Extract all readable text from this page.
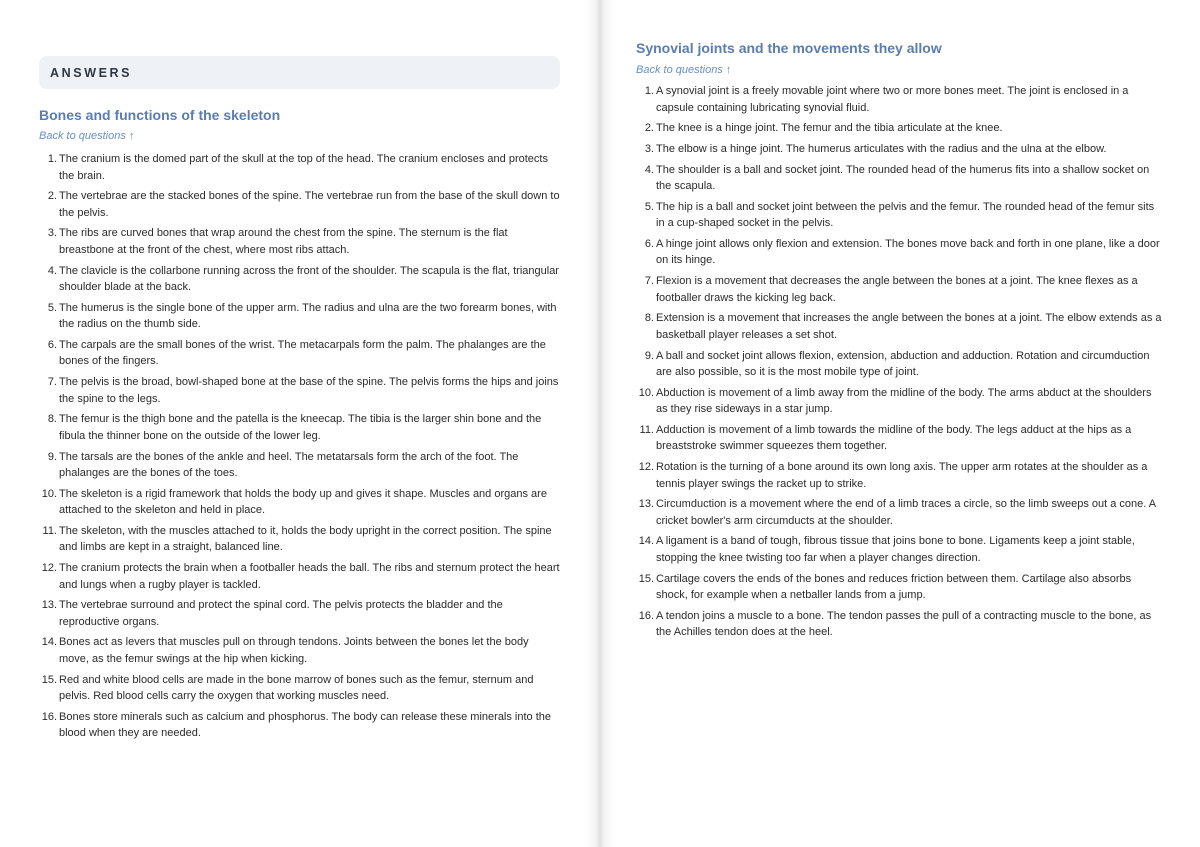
ANSWERS
Bones and functions of the skeleton
Back to questions ↑
1. The cranium is the domed part of the skull at the top of the head. The cranium encloses and protects the brain.
2. The vertebrae are the stacked bones of the spine. The vertebrae run from the base of the skull down to the pelvis.
3. The ribs are curved bones that wrap around the chest from the spine. The sternum is the flat breastbone at the front of the chest, where most ribs attach.
4. The clavicle is the collarbone running across the front of the shoulder. The scapula is the flat, triangular shoulder blade at the back.
5. The humerus is the single bone of the upper arm. The radius and ulna are the two forearm bones, with the radius on the thumb side.
6. The carpals are the small bones of the wrist. The metacarpals form the palm. The phalanges are the bones of the fingers.
7. The pelvis is the broad, bowl-shaped bone at the base of the spine. The pelvis forms the hips and joins the spine to the legs.
8. The femur is the thigh bone and the patella is the kneecap. The tibia is the larger shin bone and the fibula the thinner bone on the outside of the lower leg.
9. The tarsals are the bones of the ankle and heel. The metatarsals form the arch of the foot. The phalanges are the bones of the toes.
10. The skeleton is a rigid framework that holds the body up and gives it shape. Muscles and organs are attached to the skeleton and held in place.
11. The skeleton, with the muscles attached to it, holds the body upright in the correct position. The spine and limbs are kept in a straight, balanced line.
12. The cranium protects the brain when a footballer heads the ball. The ribs and sternum protect the heart and lungs when a rugby player is tackled.
13. The vertebrae surround and protect the spinal cord. The pelvis protects the bladder and the reproductive organs.
14. Bones act as levers that muscles pull on through tendons. Joints between the bones let the body move, as the femur swings at the hip when kicking.
15. Red and white blood cells are made in the bone marrow of bones such as the femur, sternum and pelvis. Red blood cells carry the oxygen that working muscles need.
16. Bones store minerals such as calcium and phosphorus. The body can release these minerals into the blood when they are needed.
Synovial joints and the movements they allow
Back to questions ↑
1. A synovial joint is a freely movable joint where two or more bones meet. The joint is enclosed in a capsule containing lubricating synovial fluid.
2. The knee is a hinge joint. The femur and the tibia articulate at the knee.
3. The elbow is a hinge joint. The humerus articulates with the radius and the ulna at the elbow.
4. The shoulder is a ball and socket joint. The rounded head of the humerus fits into a shallow socket on the scapula.
5. The hip is a ball and socket joint between the pelvis and the femur. The rounded head of the femur sits in a cup-shaped socket in the pelvis.
6. A hinge joint allows only flexion and extension. The bones move back and forth in one plane, like a door on its hinge.
7. Flexion is a movement that decreases the angle between the bones at a joint. The knee flexes as a footballer draws the kicking leg back.
8. Extension is a movement that increases the angle between the bones at a joint. The elbow extends as a basketball player releases a set shot.
9. A ball and socket joint allows flexion, extension, abduction and adduction. Rotation and circumduction are also possible, so it is the most mobile type of joint.
10. Abduction is movement of a limb away from the midline of the body. The arms abduct at the shoulders as they rise sideways in a star jump.
11. Adduction is movement of a limb towards the midline of the body. The legs adduct at the hips as a breaststroke swimmer squeezes them together.
12. Rotation is the turning of a bone around its own long axis. The upper arm rotates at the shoulder as a tennis player swings the racket up to strike.
13. Circumduction is a movement where the end of a limb traces a circle, so the limb sweeps out a cone. A cricket bowler's arm circumducts at the shoulder.
14. A ligament is a band of tough, fibrous tissue that joins bone to bone. Ligaments keep a joint stable, stopping the knee twisting too far when a player changes direction.
15. Cartilage covers the ends of the bones and reduces friction between them. Cartilage also absorbs shock, for example when a netballer lands from a jump.
16. A tendon joins a muscle to a bone. The tendon passes the pull of a contracting muscle to the bone, as the Achilles tendon does at the heel.
